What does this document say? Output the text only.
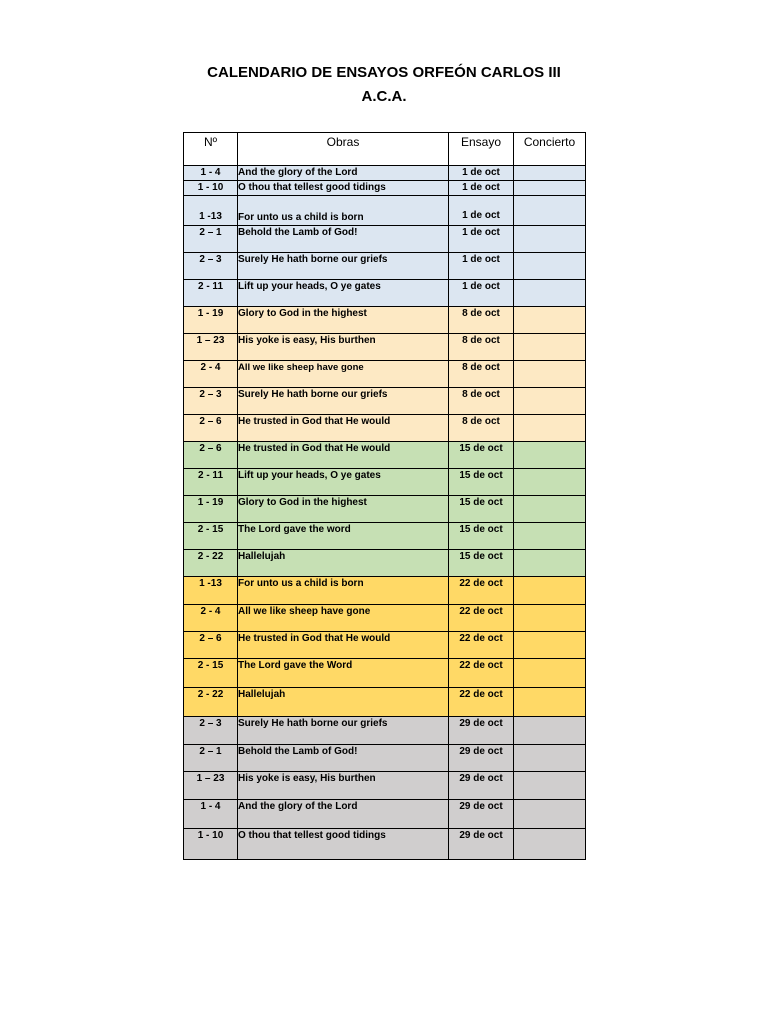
CALENDARIO DE ENSAYOS ORFEÓN CARLOS III
A.C.A.
Nº	Obras	Ensayo	Concierto
1 - 4	And the glory of the Lord	1 de oct	
1 - 10	O thou that tellest good tidings	1 de oct	
1 -13	For unto us a child is born	1 de oct	
2 – 1	Behold the Lamb of God!	1 de oct	
2 – 3	Surely He hath borne our griefs	1 de oct	
2 - 11	Lift up your heads, O ye gates	1 de oct	
1 - 19	Glory to God in the highest	8 de oct	
1 – 23	His yoke is easy, His burthen	8 de oct	
2 - 4	All we like sheep have gone	8 de oct	
2 – 3	Surely He hath borne our griefs	8 de oct	
2 – 6	He trusted in God that He would	8 de oct	
2 – 6	He trusted in God that He would	15 de oct	
2 - 11	Lift up your heads, O ye gates	15 de oct	
1 - 19	Glory to God in the highest	15 de oct	
2 - 15	The Lord gave the word	15 de oct	
2 - 22	Hallelujah	15 de oct	
1 -13	For unto us a child is born	22 de oct	
2 - 4	All we like sheep have gone	22 de oct	
2 – 6	He trusted in God that He would	22 de oct	
2 - 15	The Lord gave the Word	22 de oct	
2 - 22	Hallelujah	22 de oct	
2 – 3	Surely He hath borne our griefs	29 de oct	
2 – 1	Behold the Lamb of God!	29 de oct	
1 – 23	His yoke is easy, His burthen	29 de oct	
1 - 4	And the glory of the Lord	29 de oct	
1 - 10	O thou that tellest good tidings	29 de oct	
